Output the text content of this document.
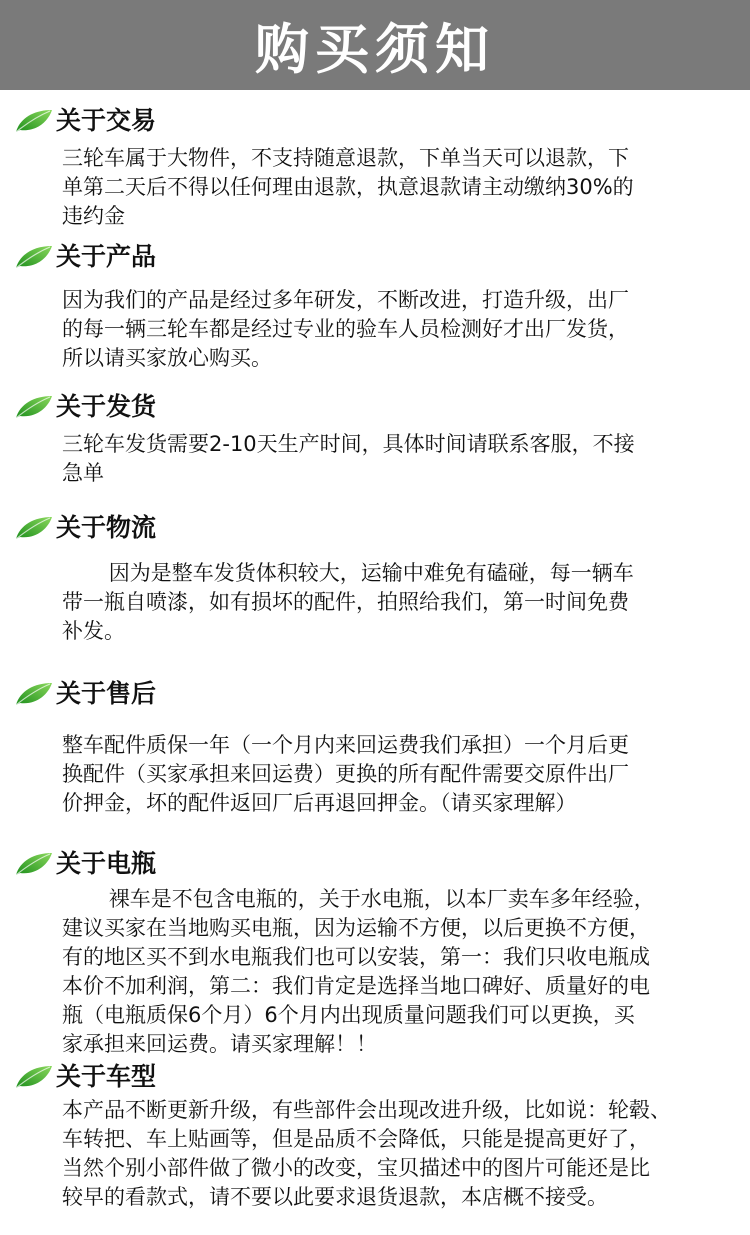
购买须知
关于交易

三轮车属于大物件，不支持随意退款，下单当天可以退款，下

单第二天后不得以任何理由退款，执意退款请主动缴纳30%的

违约金

关于产品

因为我们的产品是经过多年研发，不断改进，打造升级，出厂

的每一辆三轮车都是经过专业的验车人员检测好才出厂发货，

所以请买家放心购买。

关于发货

三轮车发货需要2-10天生产时间，具体时间请联系客服，不接

急单

关于物流

因为是整车发货体积较大，运输中难免有磕碰，每一辆车

带一瓶自喷漆，如有损坏的配件，拍照给我们，第一时间免费

补发。

关于售后

整车配件质保一年（一个月内来回运费我们承担）一个月后更

换配件（买家承担来回运费）更换的所有配件需要交原件出厂

价押金，坏的配件返回厂后再退回押金。（请买家理解）

关于电瓶

裸车是不包含电瓶的，关于水电瓶，以本厂卖车多年经验，

建议买家在当地购买电瓶，因为运输不方便，以后更换不方便，

有的地区买不到水电瓶我们也可以安装，第一：我们只收电瓶成

本价不加利润，第二：我们肯定是选择当地口碑好、质量好的电

瓶（电瓶质保6个月）6个月内出现质量问题我们可以更换，买

家承担来回运费。请买家理解！！

关于车型

本产品不断更新升级，有些部件会出现改进升级，比如说：轮毂、

车转把、车上贴画等，但是品质不会降低，只能是提高更好了，

当然个别小部件做了微小的改变，宝贝描述中的图片可能还是比

较早的看款式，请不要以此要求退货退款，本店概不接受。
